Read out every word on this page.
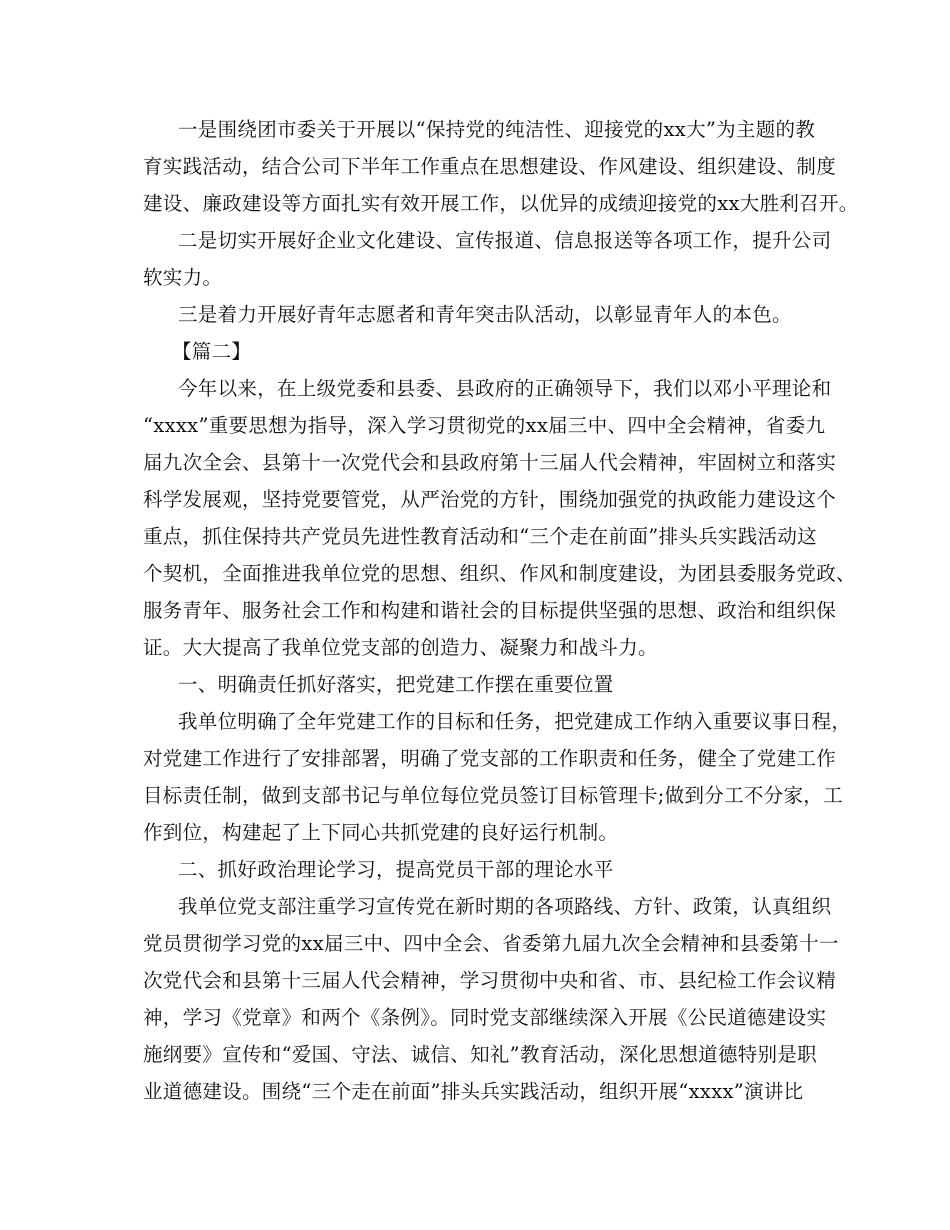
一是围绕团市委关于开展以“保持党的纯洁性、迎接党的xx大”为主题的教
育实践活动，结合公司下半年工作重点在思想建设、作风建设、组织建设、制度
建设、廉政建设等方面扎实有效开展工作，以优异的成绩迎接党的xx大胜利召开。
二是切实开展好企业文化建设、宣传报道、信息报送等各项工作，提升公司
软实力。
三是着力开展好青年志愿者和青年突击队活动，以彰显青年人的本色。
【篇二】
今年以来，在上级党委和县委、县政府的正确领导下，我们以邓小平理论和
“xxxx”重要思想为指导，深入学习贯彻党的xx届三中、四中全会精神，省委九
届九次全会、县第十一次党代会和县政府第十三届人代会精神，牢固树立和落实
科学发展观，坚持党要管党，从严治党的方针，围绕加强党的执政能力建设这个
重点，抓住保持共产党员先进性教育活动和“三个走在前面”排头兵实践活动这
个契机，全面推进我单位党的思想、组织、作风和制度建设，为团县委服务党政、
服务青年、服务社会工作和构建和谐社会的目标提供坚强的思想、政治和组织保
证。大大提高了我单位党支部的创造力、凝聚力和战斗力。
一、明确责任抓好落实，把党建工作摆在重要位置
我单位明确了全年党建工作的目标和任务，把党建成工作纳入重要议事日程，
对党建工作进行了安排部署，明确了党支部的工作职责和任务，健全了党建工作
目标责任制，做到支部书记与单位每位党员签订目标管理卡;做到分工不分家，工
作到位，构建起了上下同心共抓党建的良好运行机制。
二、抓好政治理论学习，提高党员干部的理论水平
我单位党支部注重学习宣传党在新时期的各项路线、方针、政策，认真组织
党员贯彻学习党的xx届三中、四中全会、省委第九届九次全会精神和县委第十一
次党代会和县第十三届人代会精神，学习贯彻中央和省、市、县纪检工作会议精
神，学习《党章》和两个《条例》。同时党支部继续深入开展《公民道德建设实
施纲要》宣传和“爱国、守法、诚信、知礼”教育活动，深化思想道德特别是职
业道德建设。围绕“三个走在前面”排头兵实践活动，组织开展“xxxx”演讲比
